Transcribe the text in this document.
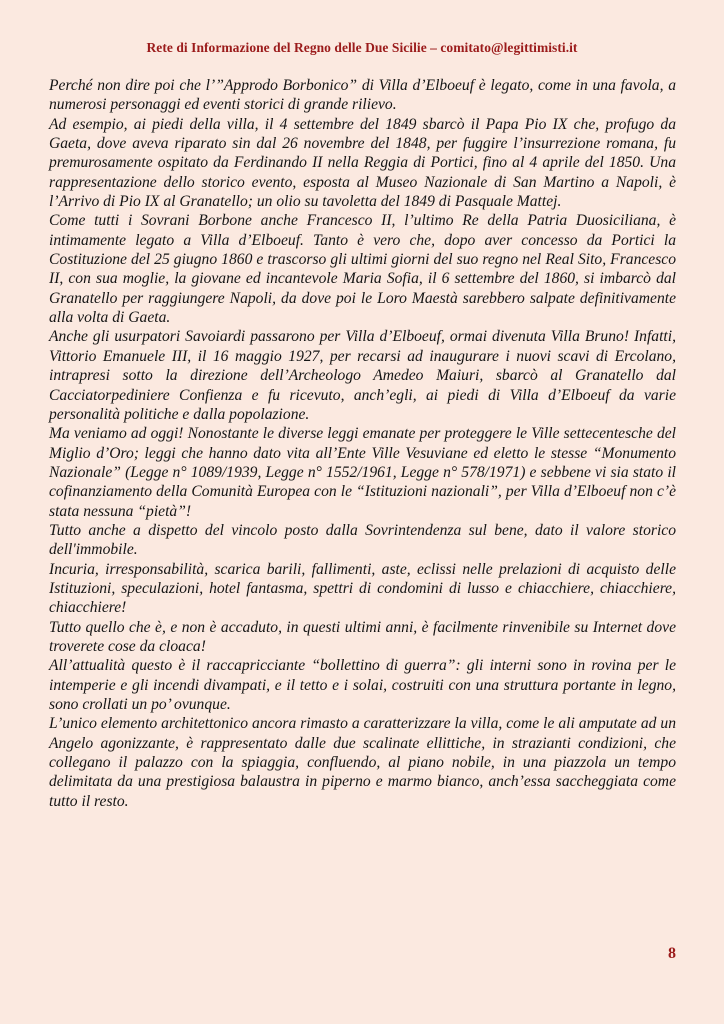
Rete di Informazione del Regno delle Due Sicilie – comitato@legittimisti.it

Perché non dire poi che l’”Approdo Borbonico” di Villa d’Elboeuf è legato, come in una favola, a numerosi personaggi ed eventi storici di grande rilievo.

Ad esempio, ai piedi della villa, il 4 settembre del 1849 sbarcò il Papa Pio IX che, profugo da Gaeta, dove aveva riparato sin dal 26 novembre del 1848, per fuggire l’insurrezione romana, fu premurosamente ospitato da Ferdinando II nella Reggia di Portici, fino al 4 aprile del 1850. Una rappresentazione dello storico evento, esposta al Museo Nazionale di San Martino a Napoli, è l’Arrivo di Pio IX al Granatello; un olio su tavoletta del 1849 di Pasquale Mattej.

Come tutti i Sovrani Borbone anche Francesco II, l’ultimo Re della Patria Duosiciliana, è intimamente legato a Villa d’Elboeuf. Tanto è vero che, dopo aver concesso da Portici la Costituzione del 25 giugno 1860 e trascorso gli ultimi giorni del suo regno nel Real Sito, Francesco II, con sua moglie, la giovane ed incantevole Maria Sofia, il 6 settembre del 1860, si imbarcò dal Granatello per raggiungere Napoli, da dove poi le Loro Maestà sarebbero salpate definitivamente alla volta di Gaeta.

Anche gli usurpatori Savoiardi passarono per Villa d’Elboeuf, ormai divenuta Villa Bruno! Infatti, Vittorio Emanuele III, il 16 maggio 1927, per recarsi ad inaugurare i nuovi scavi di Ercolano, intrapresi sotto la direzione dell’Archeologo Amedeo Maiuri, sbarcò al Granatello dal Cacciatorpediniere Confienza e fu ricevuto, anch’egli, ai piedi di Villa d’Elboeuf da varie personalità politiche e dalla popolazione.

Ma veniamo ad oggi! Nonostante le diverse leggi emanate per proteggere le Ville settecentesche del Miglio d’Oro; leggi che hanno dato vita all’Ente Ville Vesuviane ed eletto le stesse “Monumento Nazionale” (Legge n° 1089/1939, Legge n° 1552/1961, Legge n° 578/1971) e sebbene vi sia stato il cofinanziamento della Comunità Europea con le “Istituzioni nazionali”, per Villa d’Elboeuf non c’è stata nessuna “pietà”!

Tutto anche a dispetto del vincolo posto dalla Sovrintendenza sul bene, dato il valore storico dell'immobile.

Incuria, irresponsabilità, scarica barili, fallimenti, aste, eclissi nelle prelazioni di acquisto delle Istituzioni, speculazioni, hotel fantasma, spettri di condomini di lusso e chiacchiere, chiacchiere, chiacchiere!

Tutto quello che è, e non è accaduto, in questi ultimi anni, è facilmente rinvenibile su Internet dove troverete cose da cloaca!

All’attualità questo è il raccapricciante “bollettino di guerra”: gli interni sono in rovina per le intemperie e gli incendi divampati, e il tetto e i solai, costruiti con una struttura portante in legno, sono crollati un po’ ovunque.

L’unico elemento architettonico ancora rimasto a caratterizzare la villa, come le ali amputate ad un Angelo agonizzante, è rappresentato dalle due scalinate ellittiche, in strazianti condizioni, che collegano il palazzo con la spiaggia, confluendo, al piano nobile, in una piazzola un tempo delimitata da una prestigiosa balaustra in piperno e marmo bianco, anch’essa saccheggiata come tutto il resto.

8
